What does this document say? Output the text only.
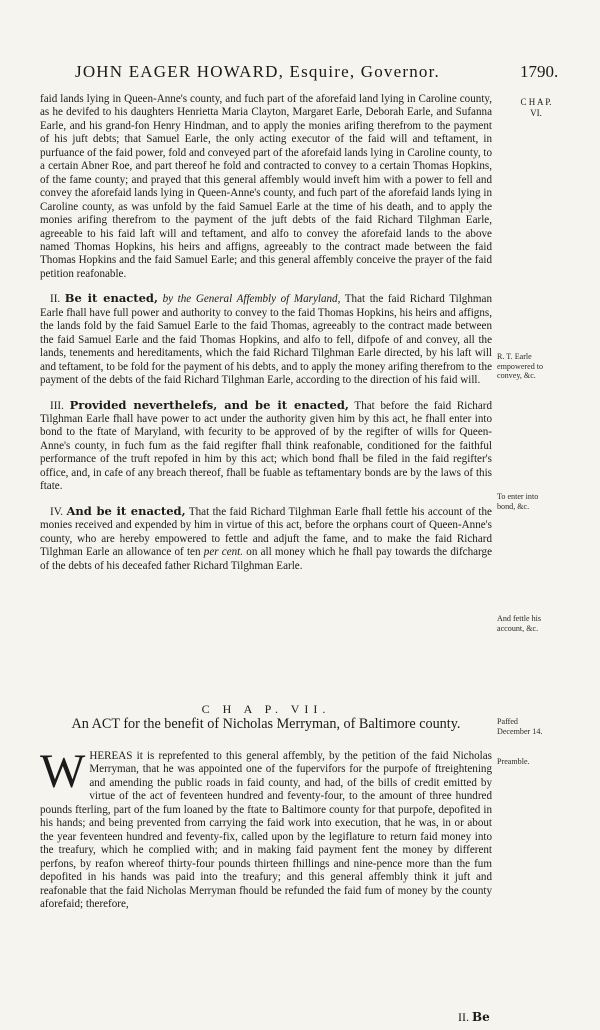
JOHN EAGER HOWARD, Esquire, Governor.	1790.
C H A P.
VI.

faid lands lying in Queen-Anne's county, and fuch part of the aforefaid land lying in Caroline county, as he devifed to his daughters Henrietta Maria Clayton, Margaret Earle, Deborah Earle, and Sufanna Earle, and his grand-fon Henry Hindman, and to apply the monies arifing therefrom to the payment of his juft debts; that Samuel Earle, the only acting executor of the faid will and teftament, in purfuance of the faid power, fold and conveyed part of the aforefaid lands lying in Caroline county, to a certain Abner Roe, and part thereof he fold and contracted to convey to a certain Thomas Hopkins, of the fame county; and prayed that this general affembly would inveft him with a power to fell and convey the aforefaid lands lying in Queen-Anne's county, and fuch part of the aforefaid lands lying in Caroline county, as was unfold by the faid Samuel Earle at the time of his death, and to apply the monies arifing therefrom to the payment of the juft debts of the faid Richard Tilghman Earle, agreeable to his faid laft will and teftament, and alfo to convey the aforefaid lands to the above named Thomas Hopkins, his heirs and affigns, agreeably to the contract made between the faid Thomas Hopkins and the faid Samuel Earle; and this general affembly conceive the prayer of the faid petition reafonable.

II. Be it enacted, by the General Affembly of Maryland, That the faid Richard Tilghman Earle fhall have full power and authority to convey to the faid Thomas Hopkins, his heirs and affigns, the lands fold by the faid Samuel Earle to the faid Thomas, agreeably to the contract made between the faid Samuel Earle and the faid Thomas Hopkins, and alfo to fell, difpofe of and convey, all the lands, tenements and hereditaments, which the faid Richard Tilghman Earle directed, by his laft will and teftament, to be fold for the payment of his debts, and to apply the money arifing therefrom to the payment of the debts of the faid Richard Tilghman Earle, according to the direction of his faid will.

III. Provided neverthelefs, and be it enacted, That before the faid Richard Tilghman Earle fhall have power to act under the authority given him by this act, he fhall enter into bond to the ftate of Maryland, with fecurity to be approved of by the regifter of wills for Queen-Anne's county, in fuch fum as the faid regifter fhall think reafonable, conditioned for the faithful performance of the truft repofed in him by this act; which bond fhall be filed in the faid regifter's office, and, in cafe of any breach thereof, fhall be fuable as teftamentary bonds are by the laws of this ftate.

IV. And be it enacted, That the faid Richard Tilghman Earle fhall fettle his account of the monies received and expended by him in virtue of this act, before the orphans court of Queen-Anne's county, who are hereby empowered to fettle and adjuft the fame, and to make the faid Richard Tilghman Earle an allowance of ten per cent. on all money which he fhall pay towards the difcharge of the debts of his deceafed father Richard Tilghman Earle.

R. T. Earle empowered to convey, &c.
To enter into bond, &c.
And fettle his account, &c.
C H A P. VII.
An ACT for the benefit of Nicholas Merryman, of Baltimore county.	Paffed December 14.
Preamble.
W HEREAS it is reprefented to this general affembly, by the petition of the faid Nicholas Merryman, that he was appointed one of the fupervifors for the purpofe of ftreightening and amending the public roads in faid county, and had, of the bills of credit emitted by virtue of the act of feventeen hundred and feventy-four, to the amount of three hundred pounds fterling, part of the fum loaned by the ftate to Baltimore county for that purpofe, depofited in his hands; and being prevented from carrying the faid work into execution, that he was, in or about the year feventeen hundred and feventy-fix, called upon by the legiflature to return faid money into the treafury, which he complied with; and in making faid payment fent the money by different perfons, by reafon whereof thirty-four pounds thirteen fhillings and nine-pence more than the fum depofited in his hands was paid into the treafury; and this general affembly think it juft and reafonable that the faid Nicholas Merryman fhould be refunded the faid fum of money by the county aforefaid; therefore,
II. Be
